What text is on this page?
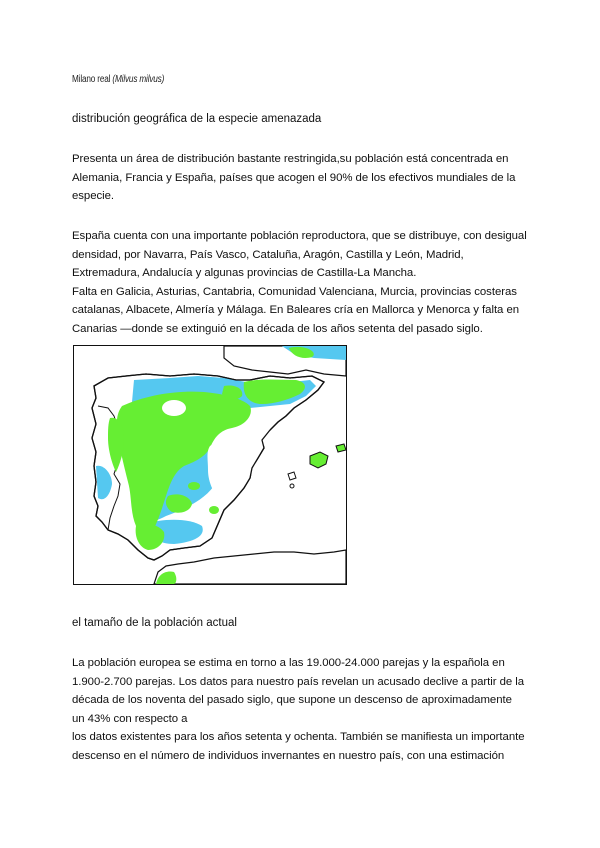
Milano real (Milvus milvus)
distribución geográfica de la especie amenazada

Presenta un área de distribución bastante restringida,su población está concentrada en Alemania, Francia y España, países que acogen el 90% de los efectivos mundiales de la especie.

España cuenta con una importante población reproductora, que se distribuye, con desigual densidad, por Navarra, País Vasco, Cataluña, Aragón, Castilla y León, Madrid, Extremadura, Andalucía y algunas provincias de Castilla-La Mancha.

Falta en Galicia, Asturias, Cantabria, Comunidad Valenciana, Murcia, provincias costeras catalanas, Albacete, Almería y Málaga. En Baleares cría en Mallorca y Menorca y falta en Canarias —donde se extinguió en la década de los años setenta del pasado siglo.

el tamaño de la población actual

La población europea se estima en torno a las 19.000-24.000 parejas y la española en 1.900-2.700 parejas. Los datos para nuestro país revelan un acusado declive a partir de la década de los noventa del pasado siglo, que supone un descenso de aproximadamente un 43% con respecto a

los datos existentes para los años setenta y ochenta. También se manifiesta un importante descenso en el número de individuos invernantes en nuestro país, con una estimación
